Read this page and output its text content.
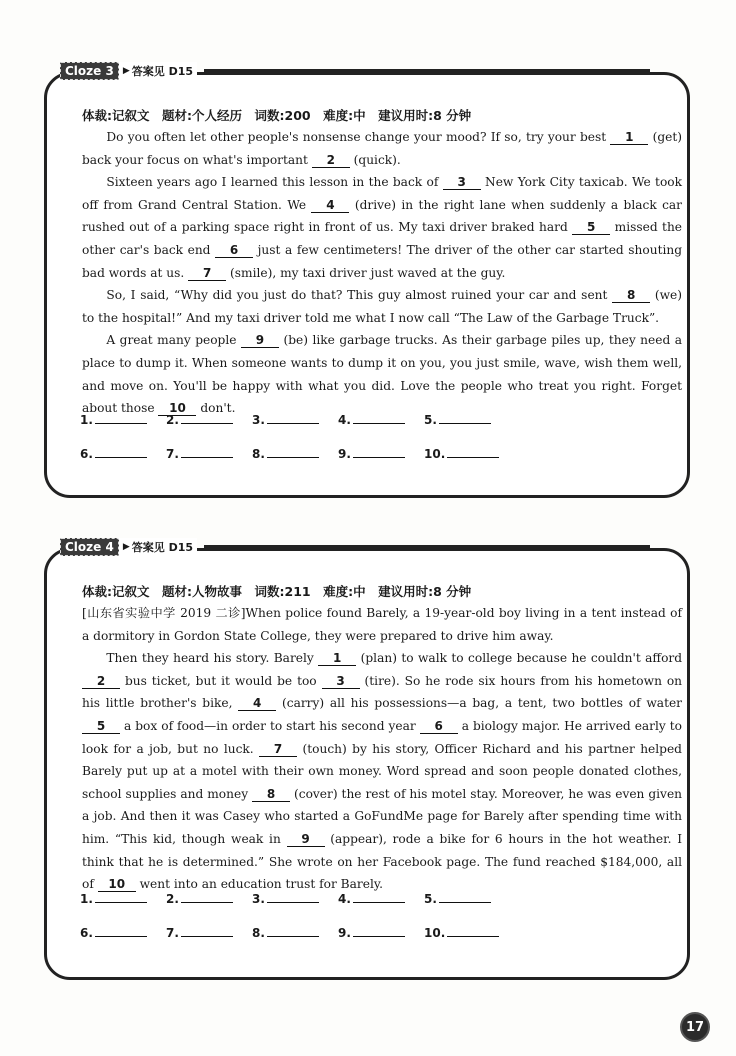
Cloze 3	▶ 答案见 D15
体裁:记叙文　题材:个人经历　词数:200　难度:中　建议用时:8 分钟

Do you often let other people's nonsense change your mood? If so, try your best 1 (get) back your focus on what's important 2 (quick).

Sixteen years ago I learned this lesson in the back of 3 New York City taxicab. We took off from Grand Central Station. We 4 (drive) in the right lane when suddenly a black car rushed out of a parking space right in front of us. My taxi driver braked hard 5 missed the other car's back end 6 just a few centimeters! The driver of the other car started shouting bad words at us. 7 (smile), my taxi driver just waved at the guy.

So, I said, “Why did you just do that? This guy almost ruined your car and sent 8 (we) to the hospital!” And my taxi driver told me what I now call “The Law of the Garbage Truck”.

A great many people 9 (be) like garbage trucks. As their garbage piles up, they need a place to dump it. When someone wants to dump it on you, you just smile, wave, wish them well, and move on. You'll be happy with what you did. Love the people who treat you right. Forget about those 10 don't.

1.	2.	3.	4.	5.
6.	7.	8.	9.	10.
Cloze 4	▶ 答案见 D15
体裁:记叙文　题材:人物故事　词数:211　难度:中　建议用时:8 分钟

[山东省实验中学 2019 二诊]When police found Barely, a 19-year-old boy living in a tent instead of a dormitory in Gordon State College, they were prepared to drive him away.

Then they heard his story. Barely 1 (plan) to walk to college because he couldn't afford 2 bus ticket, but it would be too 3 (tire). So he rode six hours from his hometown on his little brother's bike, 4 (carry) all his possessions—a bag, a tent, two bottles of water 5 a box of food—in order to start his second year 6 a biology major. He arrived early to look for a job, but no luck. 7 (touch) by his story, Officer Richard and his partner helped Barely put up at a motel with their own money. Word spread and soon people donated clothes, school supplies and money 8 (cover) the rest of his motel stay. Moreover, he was even given a job. And then it was Casey who started a GoFundMe page for Barely after spending time with him. “This kid, though weak in 9 (appear), rode a bike for 6 hours in the hot weather. I think that he is determined.” She wrote on her Facebook page. The fund reached $184,000, all of 10 went into an education trust for Barely.

1.	2.	3.	4.	5.
6.	7.	8.	9.	10.
17
